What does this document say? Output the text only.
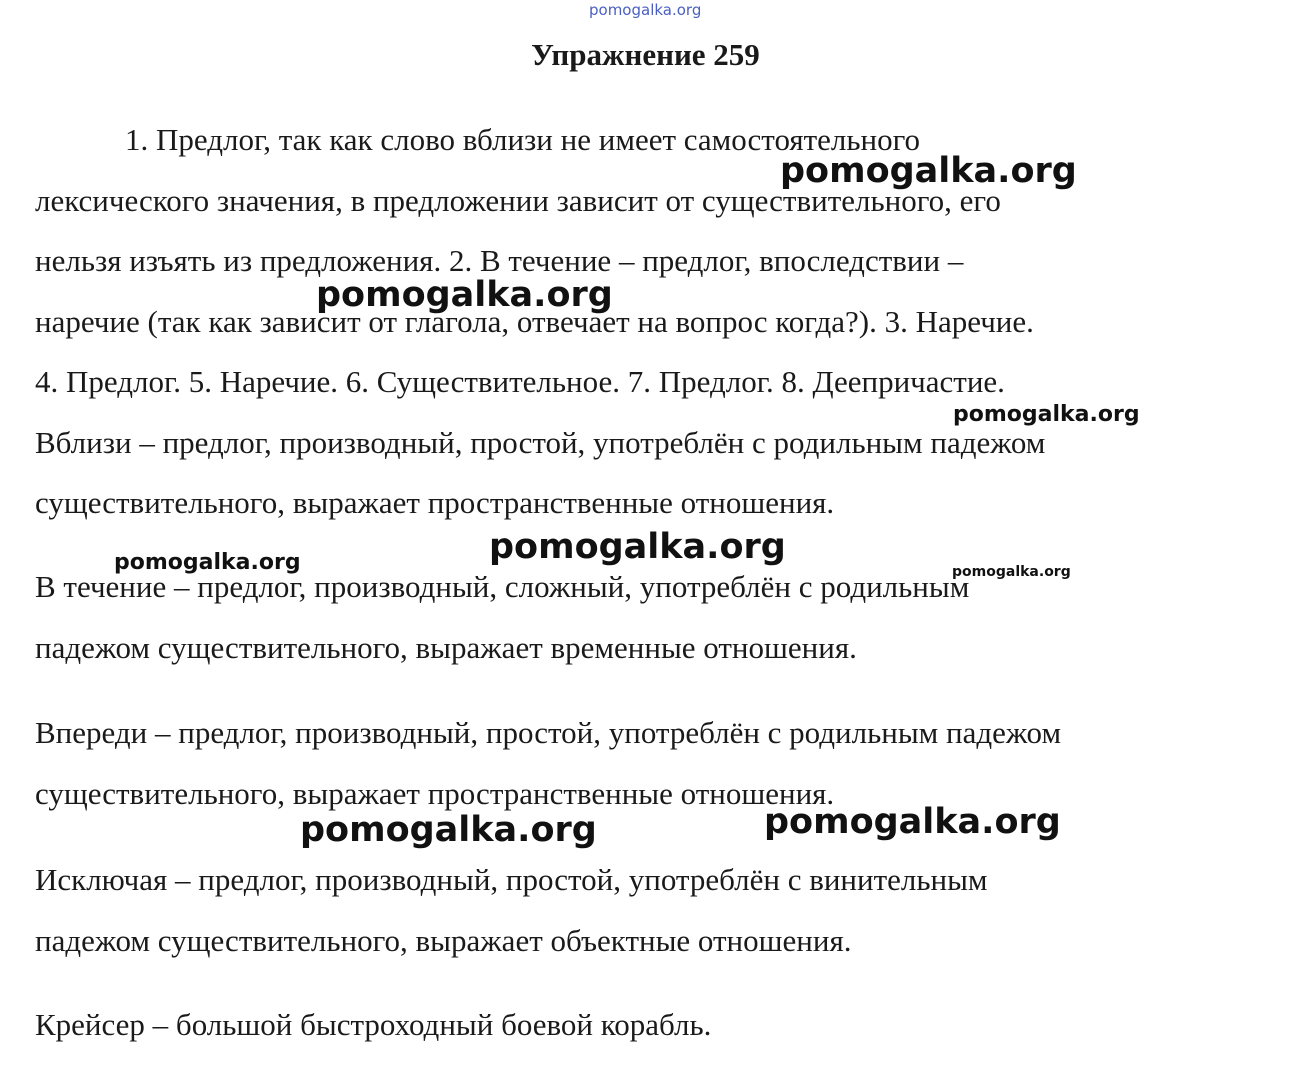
pomogalka.org
Упражнение 259
1. Предлог, так как слово вблизи не имеет самостоятельного
лексического значения, в предложении зависит от существительного, его
нельзя изъять из предложения. 2. В течение – предлог, впоследствии –
наречие (так как зависит от глагола, отвечает на вопрос когда?). 3. Наречие.
4. Предлог. 5. Наречие. 6. Существительное. 7. Предлог. 8. Деепричастие.
Вблизи – предлог, производный, простой, употреблён с родильным падежом
существительного, выражает пространственные отношения.
В течение – предлог, производный, сложный, употреблён с родильным
падежом существительного, выражает временные отношения.
Впереди – предлог, производный, простой, употреблён с родильным падежом
существительного, выражает пространственные отношения.
Исключая – предлог, производный, простой, употреблён с винительным
падежом существительного, выражает объектные отношения.
Крейсер – большой быстроходный боевой корабль.
pomogalka.org
pomogalka.org
pomogalka.org
pomogalka.org
pomogalka.org	pomogalka.org
pomogalka.org	pomogalka.org
